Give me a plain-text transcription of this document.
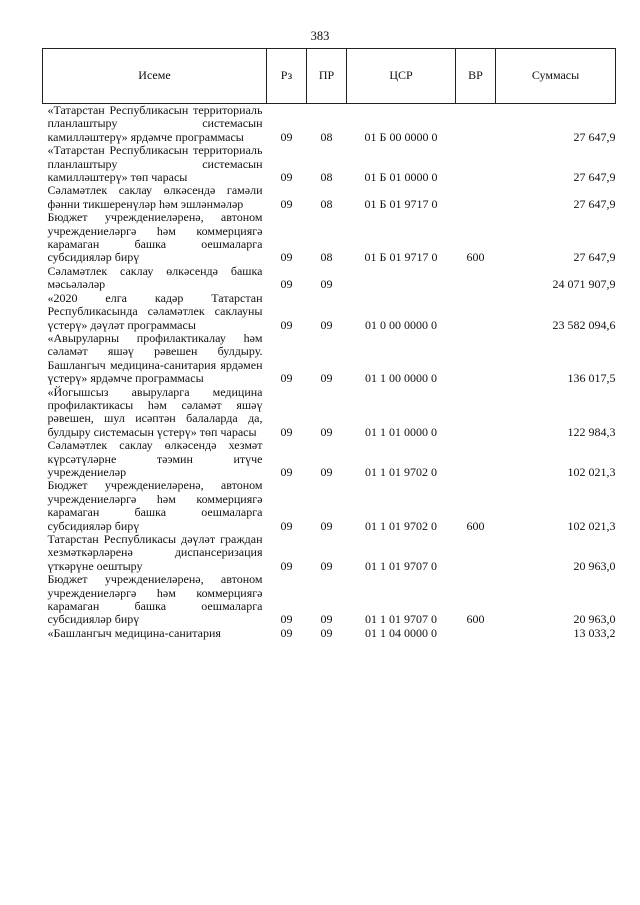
383
Исеме	Рз	ПР	ЦСР	ВР	Суммасы
«Татарстан Республикасын территориаль планлаштыру системасын камилләштерү» ярдәмче программасы	09	08	01 Б 00 0000 0		27 647,9
«Татарстан Республикасын территориаль планлаштыру системасын камилләштерү» төп чарасы	09	08	01 Б 01 0000 0		27 647,9
Сәламәтлек саклау өлкәсендә гамәли фәнни тикшеренүләр һәм эшләнмәләр	09	08	01 Б 01 9717 0		27 647,9
Бюджет учреждениеләренә, автоном учреждениеләргә һәм коммерциягә карамаган башка оешмаларга субсидияләр бирү	09	08	01 Б 01 9717 0	600	27 647,9
Сәламәтлек саклау өлкәсендә башка мәсьәләләр	09	09			24 071 907,9
«2020 елга кадәр Татарстан Республикасында сәламәтлек саклауны үстерү» дәүләт программасы	09	09	01 0 00 0000 0		23 582 094,6
«Авыруларны профилактикалау һәм сәламәт яшәү рәвешен булдыру. Башлангыч медицина-санитария ярдәмен үстерү» ярдәмче программасы	09	09	01 1 00 0000 0		136 017,5
«Йогышсыз авыруларга медицина профилактикасы һәм сәламәт яшәү рәвешен, шул исәптән балаларда да, булдыру системасын үстерү» төп чарасы	09	09	01 1 01 0000 0		122 984,3
Сәламәтлек саклау өлкәсендә хезмәт күрсәтүләрне тәэмин итүче учреждениеләр	09	09	01 1 01 9702 0		102 021,3
Бюджет учреждениеләренә, автоном учреждениеләргә һәм коммерциягә карамаган башка оешмаларга субсидияләр бирү	09	09	01 1 01 9702 0	600	102 021,3
Татарстан Республикасы дәүләт граждан хезмәткәрләренә диспансеризация үткәрүне оештыру	09	09	01 1 01 9707 0		20 963,0
Бюджет учреждениеләренә, автоном учреждениеләргә һәм коммерциягә карамаган башка оешмаларга субсидияләр бирү	09	09	01 1 01 9707 0	600	20 963,0
«Башлангыч медицина-санитария	09	09	01 1 04 0000 0		13 033,2
